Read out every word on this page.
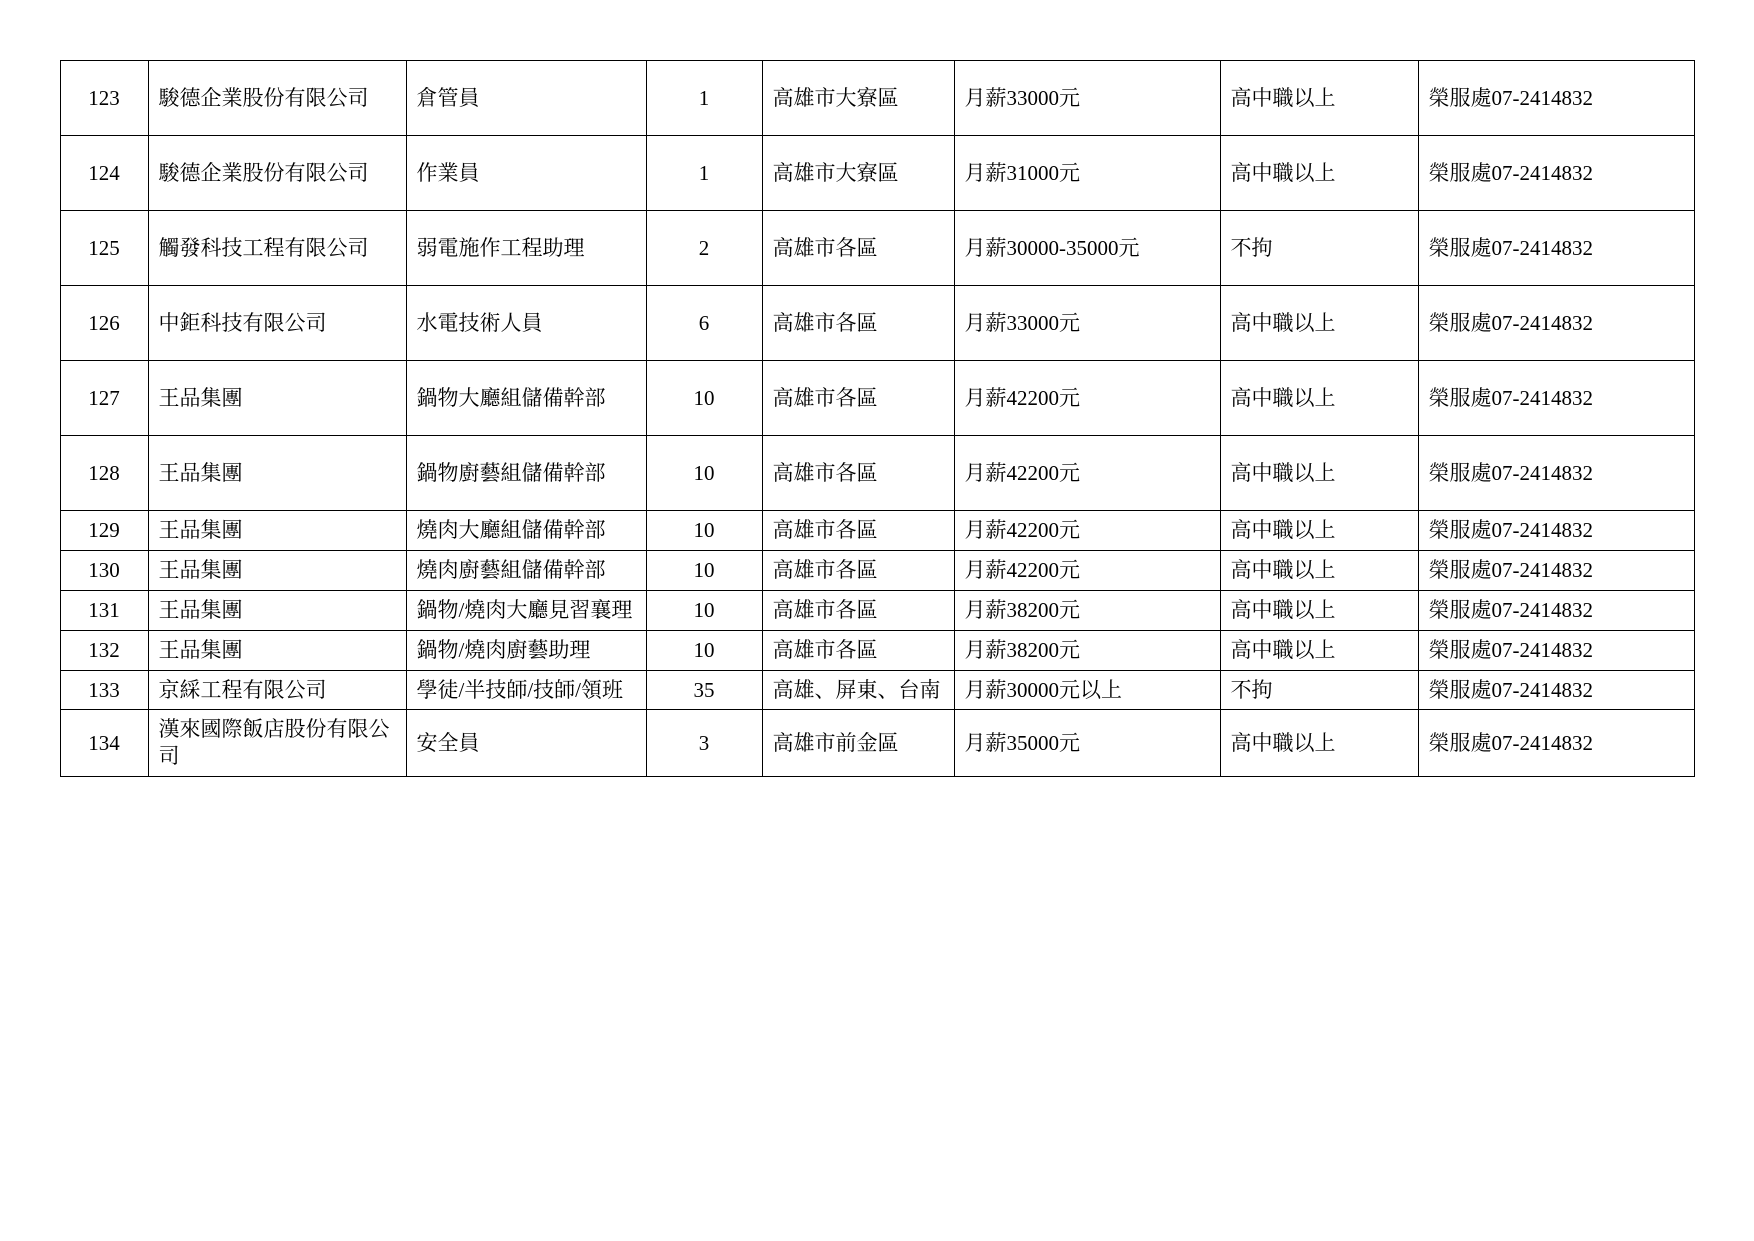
123	駿德企業股份有限公司	倉管員	1	高雄市大寮區	月薪33000元	高中職以上	榮服處07-2414832
124	駿德企業股份有限公司	作業員	1	高雄市大寮區	月薪31000元	高中職以上	榮服處07-2414832
125	觸發科技工程有限公司	弱電施作工程助理	2	高雄市各區	月薪30000-35000元	不拘	榮服處07-2414832
126	中鉅科技有限公司	水電技術人員	6	高雄市各區	月薪33000元	高中職以上	榮服處07-2414832
127	王品集團	鍋物大廳組儲備幹部	10	高雄市各區	月薪42200元	高中職以上	榮服處07-2414832
128	王品集團	鍋物廚藝組儲備幹部	10	高雄市各區	月薪42200元	高中職以上	榮服處07-2414832
129	王品集團	燒肉大廳組儲備幹部	10	高雄市各區	月薪42200元	高中職以上	榮服處07-2414832
130	王品集團	燒肉廚藝組儲備幹部	10	高雄市各區	月薪42200元	高中職以上	榮服處07-2414832
131	王品集團	鍋物/燒肉大廳見習襄理	10	高雄市各區	月薪38200元	高中職以上	榮服處07-2414832
132	王品集團	鍋物/燒肉廚藝助理	10	高雄市各區	月薪38200元	高中職以上	榮服處07-2414832
133	京綵工程有限公司	學徒/半技師/技師/領班	35	高雄、屏東、台南	月薪30000元以上	不拘	榮服處07-2414832
134	漢來國際飯店股份有限公司	安全員	3	高雄市前金區	月薪35000元	高中職以上	榮服處07-2414832
